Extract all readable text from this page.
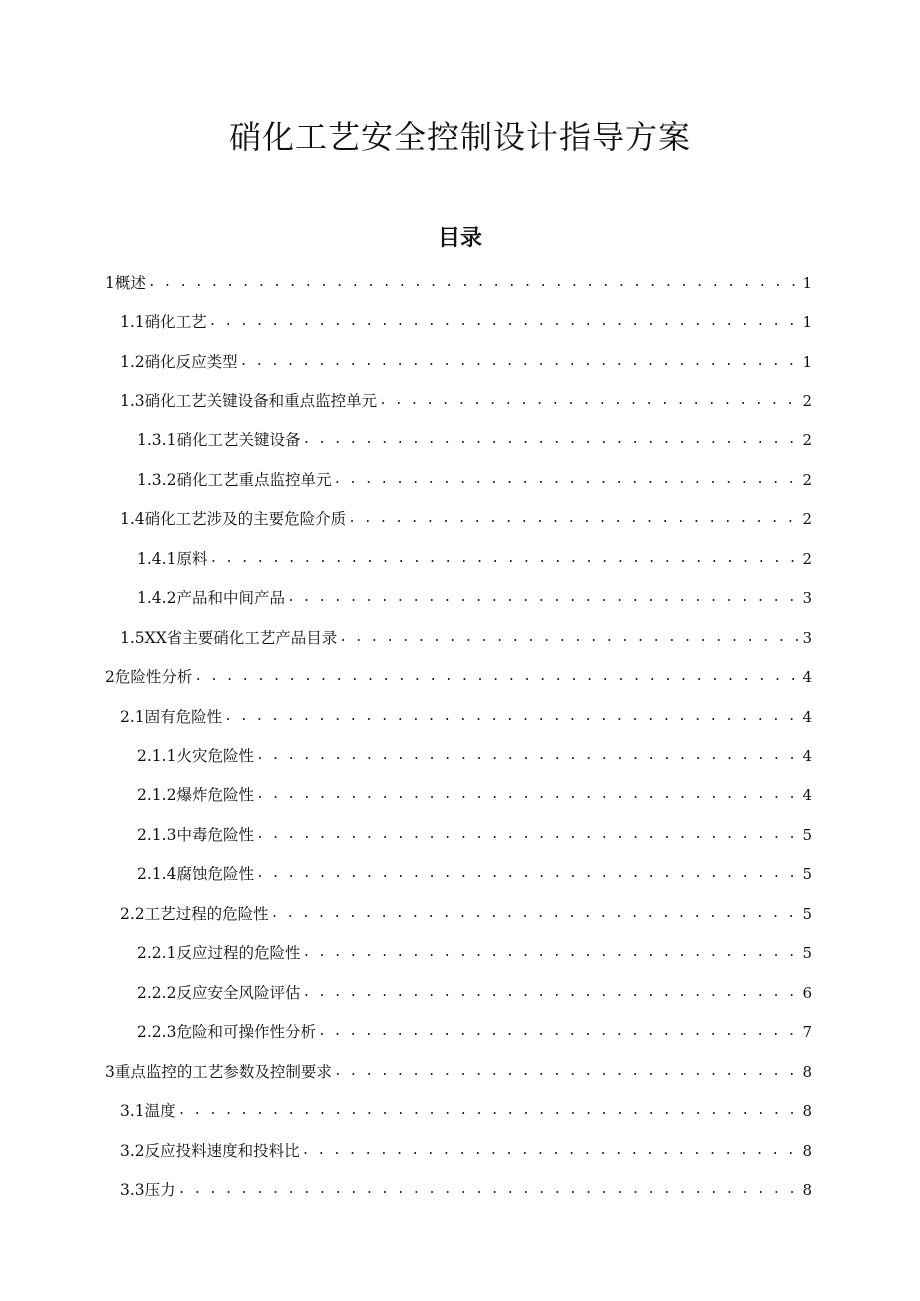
硝化工艺安全控制设计指导方案
目录
1 概述 . . .	1
1.1 硝化工艺 . . .	1
1.2 硝化反应类型 . . .	1
1.3 硝化工艺关键设备和重点监控单元 . . .	2
1.3.1 硝化工艺关键设备 . . .	2
1.3.2 硝化工艺重点监控单元 . . .	2
1.4 硝化工艺涉及的主要危险介质 . . .	2
1.4.1 原料 . . .	2
1.4.2 产品和中间产品 . . .	3
1.5 XX省主要硝化工艺产品目录 . . .	3
2 危险性分析 . . .	4
2.1 固有危险性 . . .	4
2.1.1 火灾危险性 . . .	4
2.1.2 爆炸危险性 . . .	4
2.1.3 中毒危险性 . . .	5
2.1.4 腐蚀危险性 . . .	5
2.2 工艺过程的危险性 . . .	5
2.2.1 反应过程的危险性 . . .	5
2.2.2 反应安全风险评估 . . .	6
2.2.3 危险和可操作性分析 . . .	7
3 重点监控的工艺参数及控制要求 . . .	8
3.1 温度 . . .	8
3.2 反应投料速度和投料比 . . .	8
3.3 压力 . . .	8
